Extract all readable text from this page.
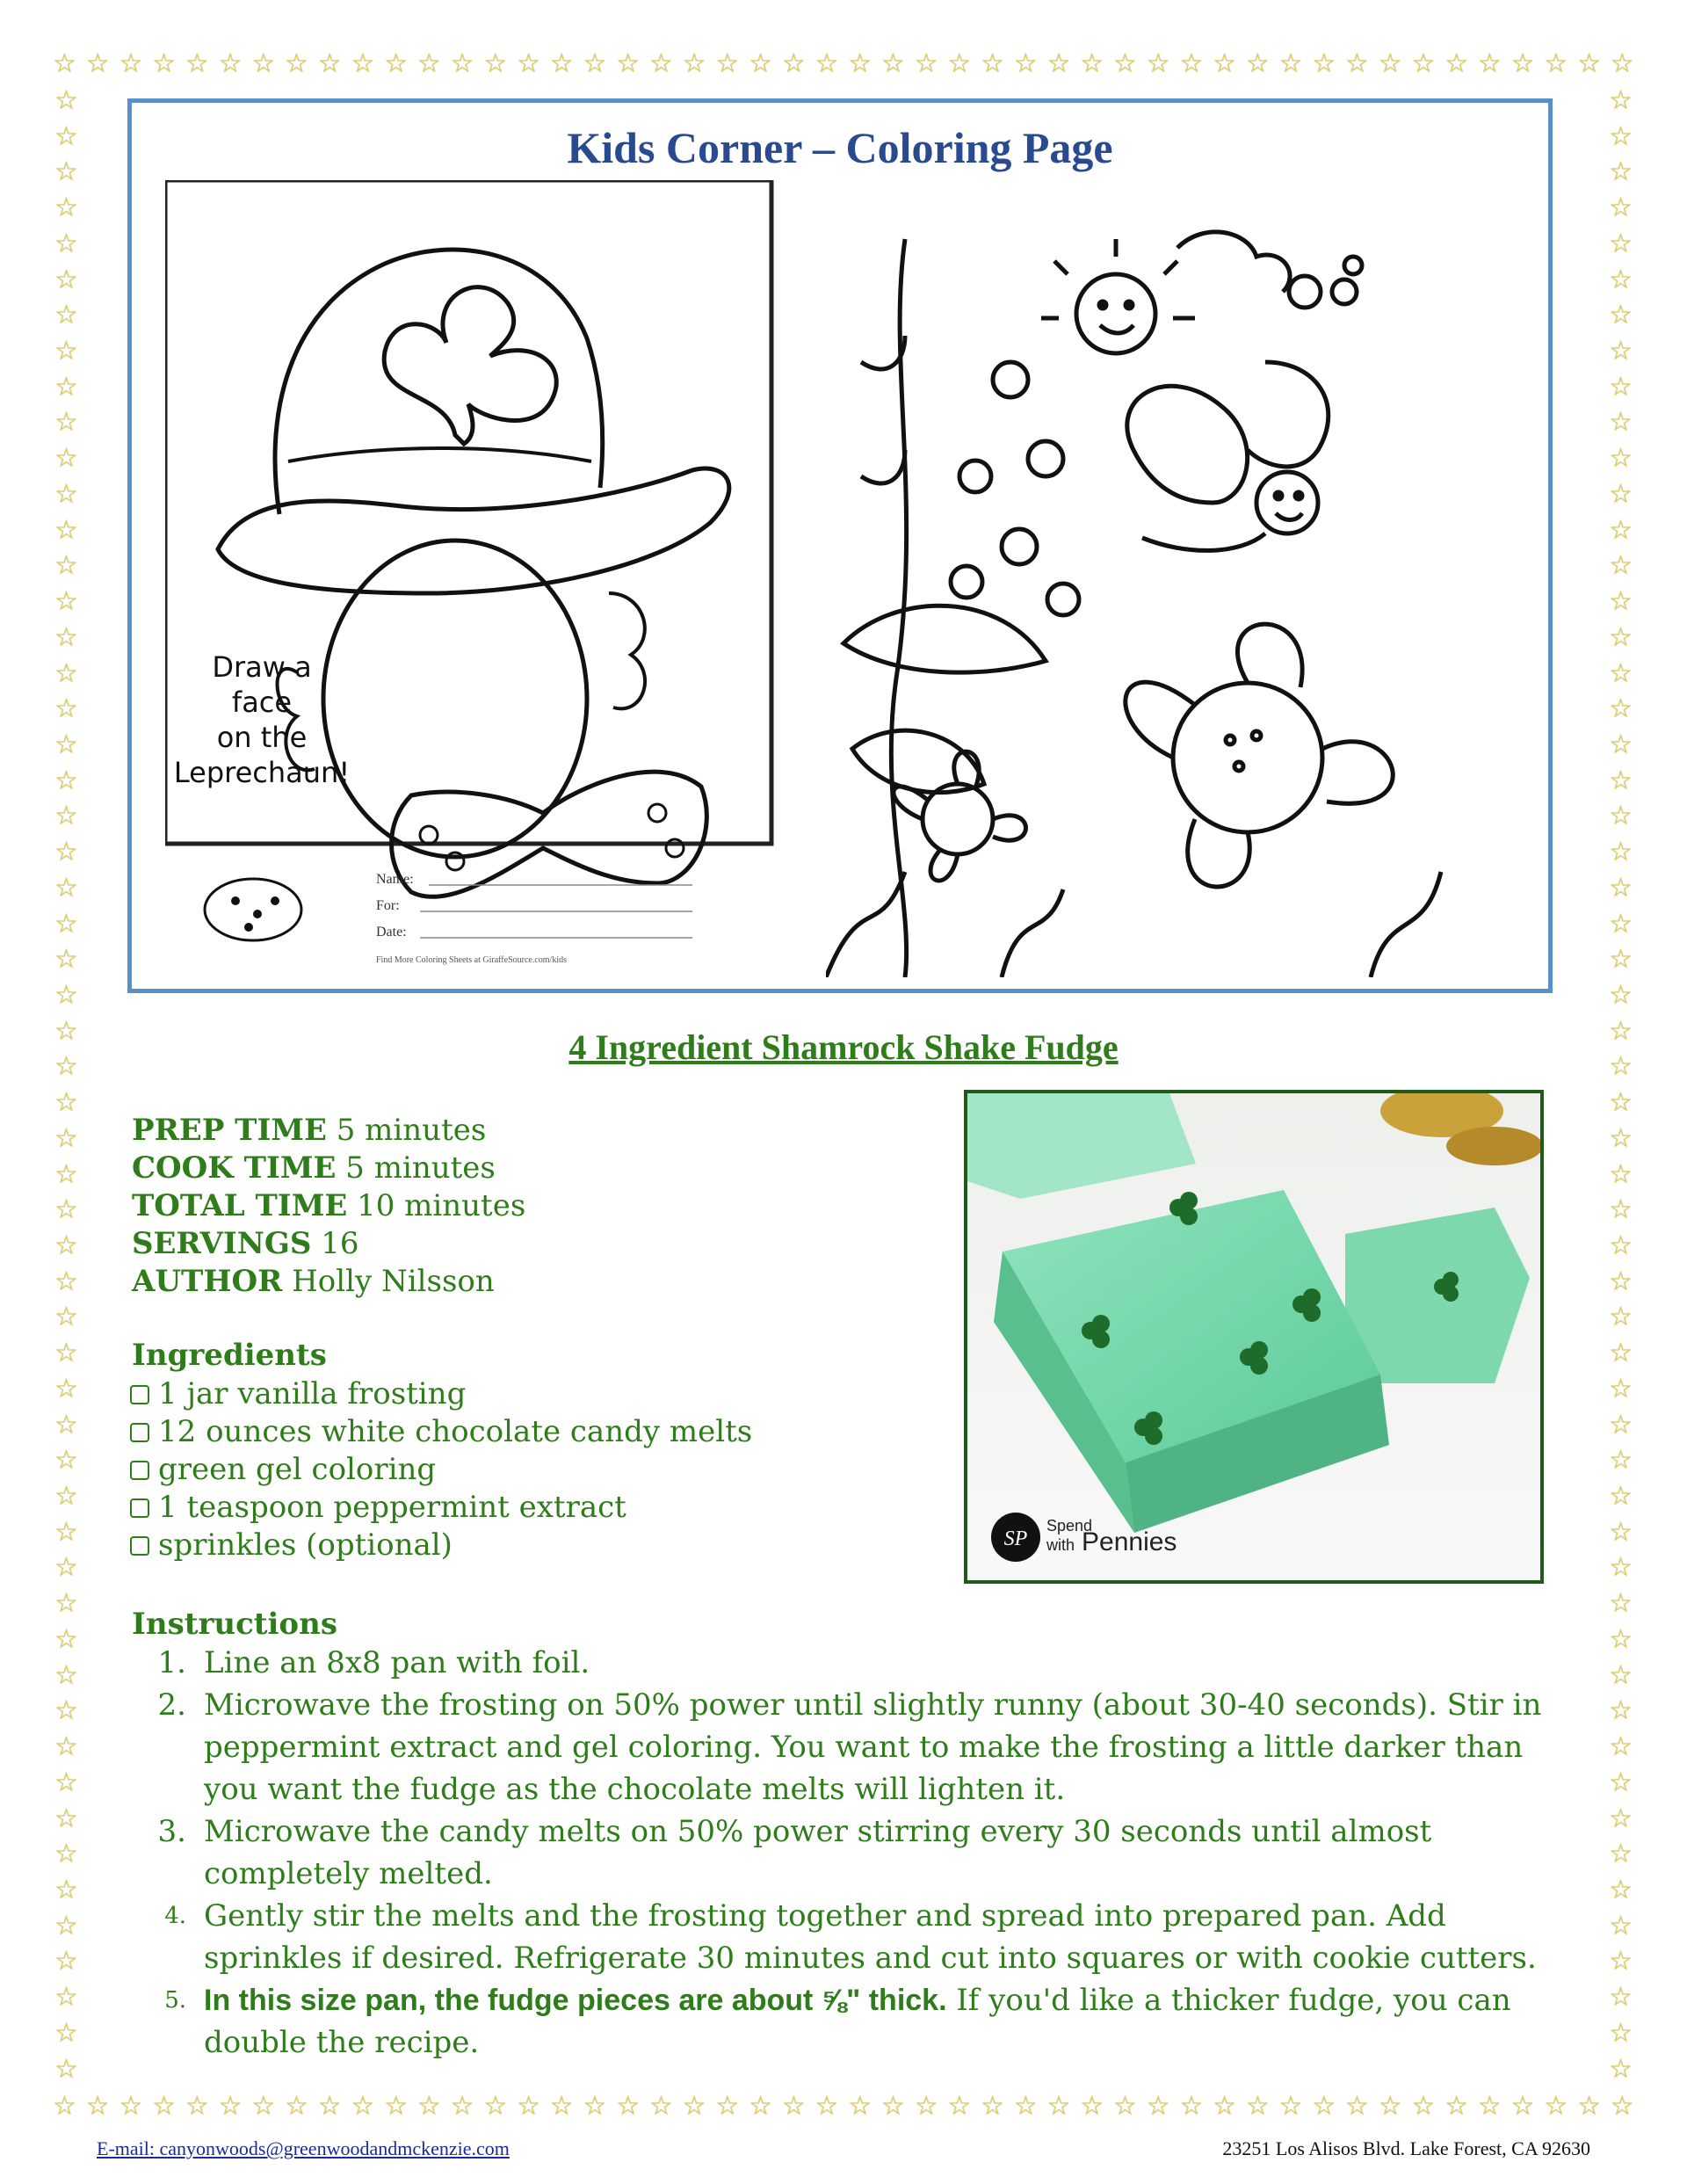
☆ ☆ ☆ ☆ ☆ ☆ ☆ ☆ ☆ ☆ ☆ ☆ ☆ ☆ ☆ ☆ ☆ ☆ ☆ ☆ ☆ ☆ ☆ ☆ ☆ ☆ ☆ ☆ ☆ ☆ ☆ ☆ ☆ ☆ ☆ ☆ ☆ ☆ ☆ ☆ ☆ ☆ ☆ ☆ ☆ ☆ ☆ ☆
☆ ☆ ☆ ☆ ☆ ☆ ☆ ☆ ☆ ☆ ☆ ☆ ☆ ☆ ☆ ☆ ☆ ☆ ☆ ☆ ☆ ☆ ☆ ☆ ☆ ☆ ☆ ☆ ☆ ☆ ☆ ☆ ☆ ☆ ☆ ☆ ☆ ☆ ☆ ☆ ☆ ☆ ☆ ☆ ☆ ☆ ☆ ☆
☆
☆
☆
☆
☆
☆
☆
☆
☆
☆
☆
☆
☆
☆
☆
☆
☆
☆
☆
☆
☆
☆
☆
☆
☆
☆
☆
☆
☆
☆
☆
☆
☆
☆
☆
☆
☆
☆
☆
☆
☆
☆
☆
☆
☆
☆
☆
☆
☆
☆
☆
☆
☆
☆
☆
☆
☆
☆
☆
☆
☆
☆
☆
☆
☆
☆
☆
☆
☆
☆
☆
☆
☆
☆
☆
☆
☆
☆
☆
☆
☆
☆
☆
☆
☆
☆
☆
☆
☆
☆
☆
☆
☆
☆
☆
☆
☆
☆
☆
☆
☆
☆
☆
☆
☆
☆
☆
☆
☆
☆
☆
☆
Kids Corner – Coloring Page
Draw a
face
on the
Leprechaun!
Name:
For:
Date:
Find More Coloring Sheets at GiraffeSource.com/kids
4 Ingredient Shamrock Shake Fudge
PREP TIME 5 minutes
COOK TIME 5 minutes
TOTAL TIME 10 minutes
SERVINGS 16
AUTHOR Holly Nilsson
Ingredients
1 jar vanilla frosting
12 ounces white chocolate candy melts
green gel coloring
1 teaspoon peppermint extract
sprinkles (optional)	SP
Spend
with Pennies
Instructions
1. Line an 8x8 pan with foil.
2. Microwave the frosting on 50% power until slightly runny (about 30-40 seconds). Stir in peppermint extract and gel coloring. You want to make the frosting a little darker than you want the fudge as the chocolate melts will lighten it.
3. Microwave the candy melts on 50% power stirring every 30 seconds until almost completely melted.
4. Gently stir the melts and the frosting together and spread into prepared pan. Add sprinkles if desired. Refrigerate 30 minutes and cut into squares or with cookie cutters.
5. In this size pan, the fudge pieces are about ⅝" thick. If you'd like a thicker fudge, you can double the recipe.
E-mail: canyonwoods@greenwoodandmckenzie.com	23251 Los Alisos Blvd. Lake Forest, CA 92630
